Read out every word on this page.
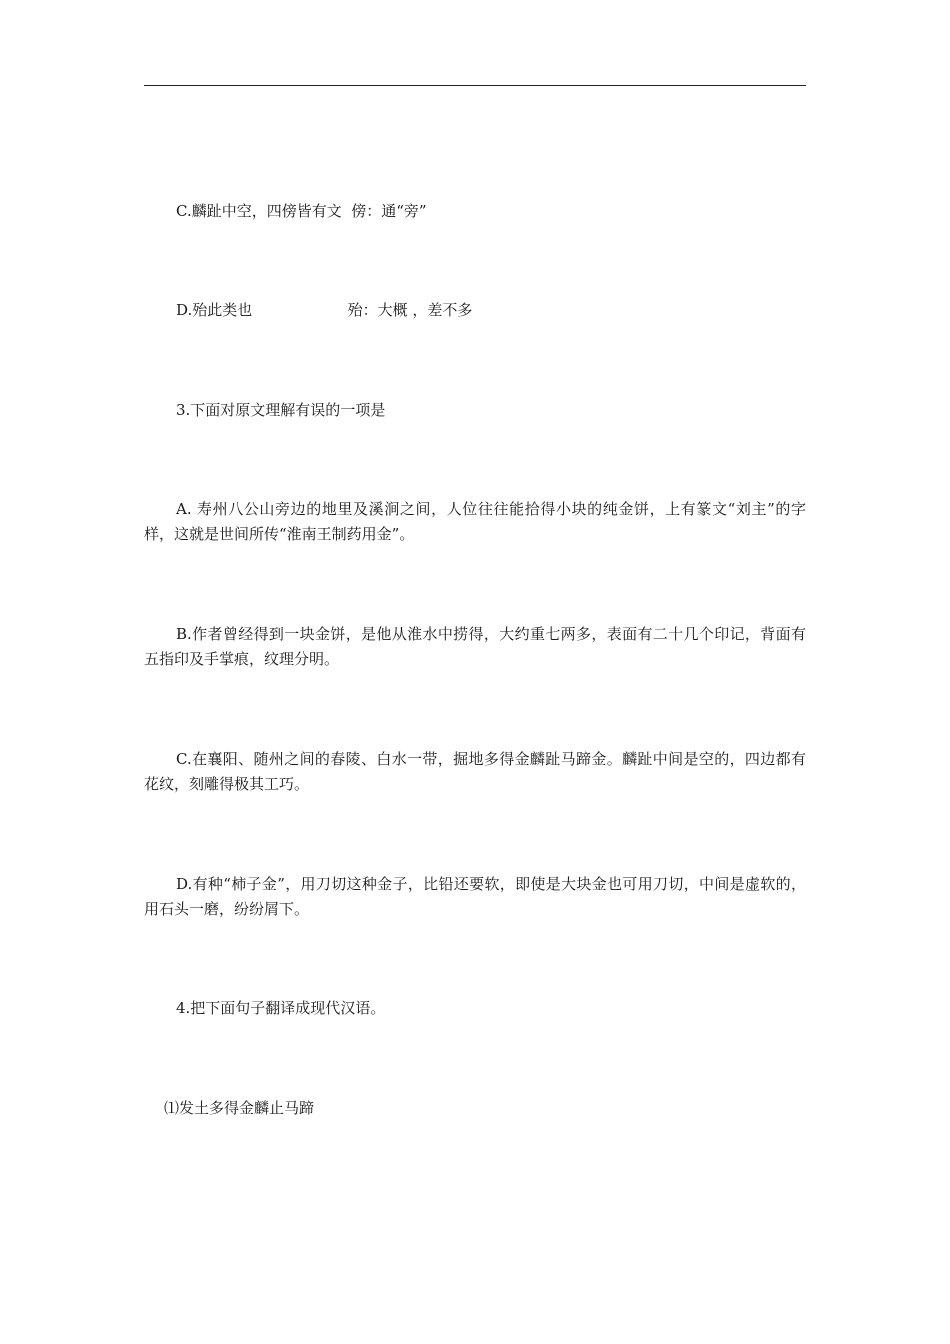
C.麟趾中空，四傍皆有文  傍：通“旁”
D.殆此类也                    殆：大概 ，差不多
3.下面对原文理解有误的一项是
A. 寿州八公山旁边的地里及溪涧之间，人位往往能拾得小块的纯金饼，上有篆文“刘主”的字样，这就是世间所传“淮南王制药用金”。
B.作者曾经得到一块金饼，是他从淮水中捞得，大约重七两多，表面有二十几个印记，背面有五指印及手掌痕，纹理分明。
C.在襄阳、随州之间的春陵、白水一带，掘地多得金麟趾马蹄金。麟趾中间是空的，四边都有花纹，刻雕得极其工巧。
D.有种“柿子金”，用刀切这种金子，比铅还要软，即使是大块金也可用刀切，中间是虚软的，用石头一磨，纷纷屑下。
4.把下面句子翻译成现代汉语。
⑴发土多得金麟止马蹄
